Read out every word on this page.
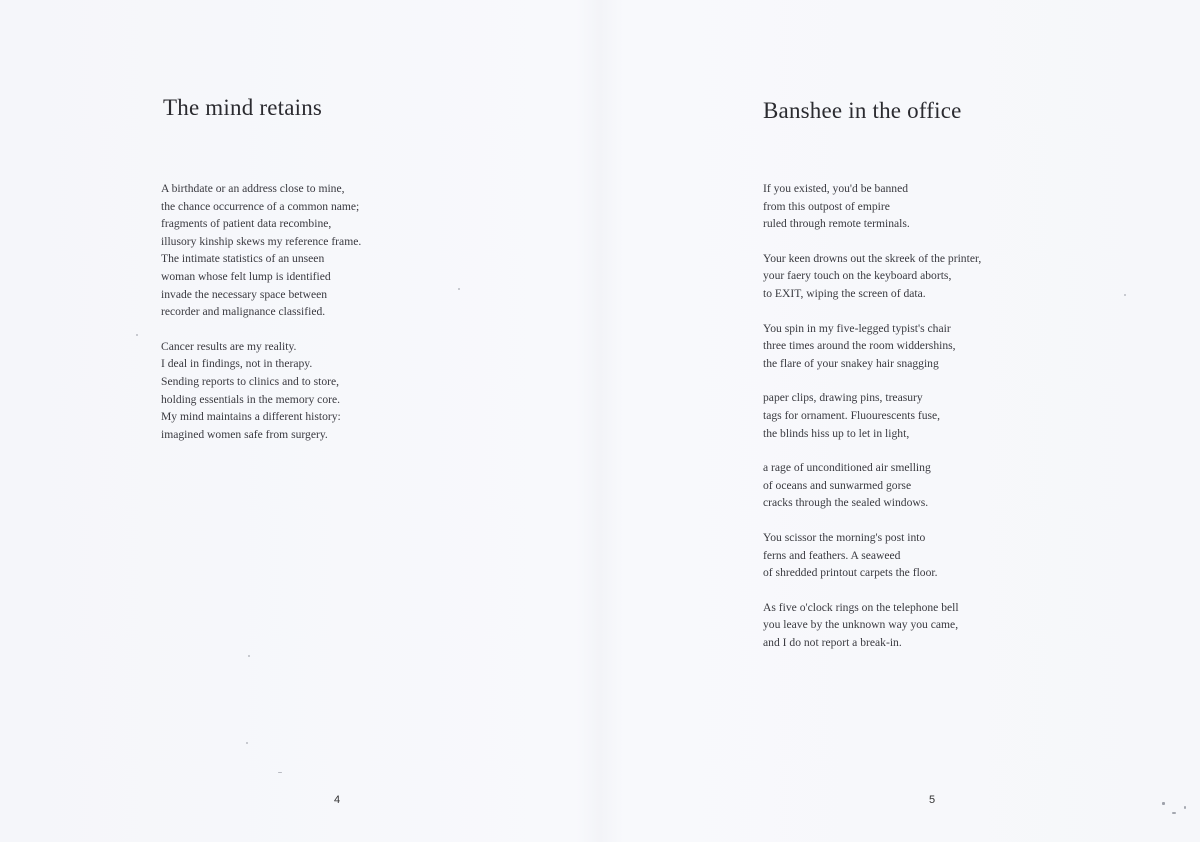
The mind retains

A birthdate or an address close to mine,
the chance occurrence of a common name;
fragments of patient data recombine,
illusory kinship skews my reference frame.
The intimate statistics of an unseen
woman whose felt lump is identified
invade the necessary space between
recorder and malignance classified.

Cancer results are my reality.
I deal in findings, not in therapy.
Sending reports to clinics and to store,
holding essentials in the memory core.
My mind maintains a different history:
imagined women safe from surgery.

4
Banshee in the office

If you existed, you'd be banned
from this outpost of empire
ruled through remote terminals.

Your keen drowns out the skreek of the printer,
your faery touch on the keyboard aborts,
to EXIT, wiping the screen of data.

You spin in my five-legged typist's chair
three times around the room widdershins,
the flare of your snakey hair snagging

paper clips, drawing pins, treasury
tags for ornament. Fluourescents fuse,
the blinds hiss up to let in light,

a rage of unconditioned air smelling
of oceans and sunwarmed gorse
cracks through the sealed windows.

You scissor the morning's post into
ferns and feathers. A seaweed
of shredded printout carpets the floor.

As five o'clock rings on the telephone bell
you leave by the unknown way you came,
and I do not report a break-in.

5
